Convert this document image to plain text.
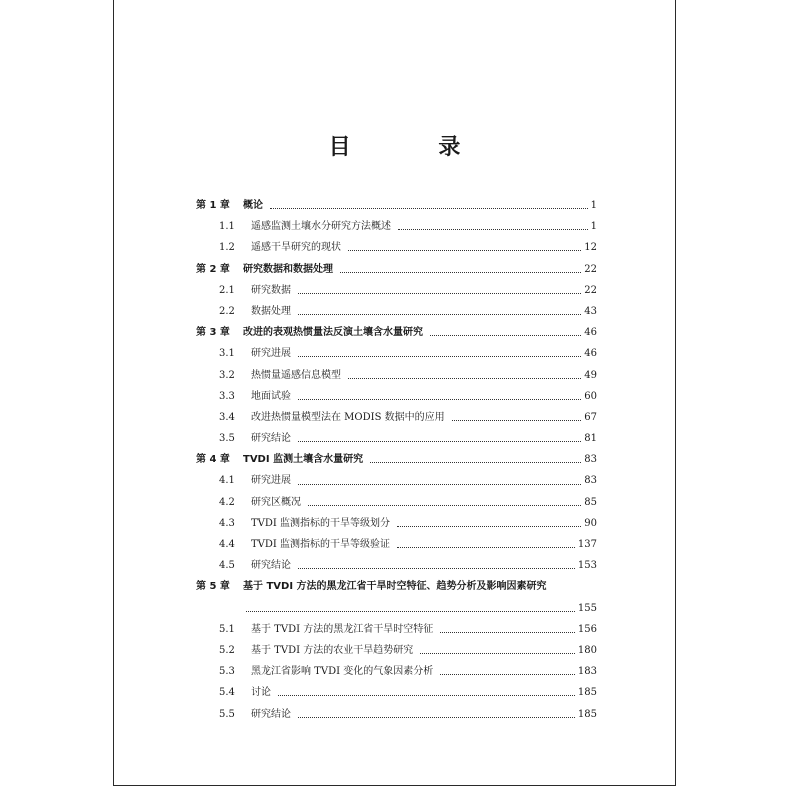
目 录
第 1 章	概论	1
1.1	遥感监测土壤水分研究方法概述	1
1.2	遥感干旱研究的现状	12
第 2 章	研究数据和数据处理	22
2.1	研究数据	22
2.2	数据处理	43
第 3 章	改进的表观热惯量法反演土壤含水量研究	46
3.1	研究进展	46
3.2	热惯量遥感信息模型	49
3.3	地面试验	60
3.4	改进热惯量模型法在 MODIS 数据中的应用	67
3.5	研究结论	81
第 4 章	TVDI 监测土壤含水量研究	83
4.1	研究进展	83
4.2	研究区概况	85
4.3	TVDI 监测指标的干旱等级划分	90
4.4	TVDI 监测指标的干旱等级验证	137
4.5	研究结论	153
第 5 章	基于 TVDI 方法的黑龙江省干旱时空特征、趋势分析及影响因素研究
155
5.1	基于 TVDI 方法的黑龙江省干旱时空特征	156
5.2	基于 TVDI 方法的农业干旱趋势研究	180
5.3	黑龙江省影响 TVDI 变化的气象因素分析	183
5.4	讨论	185
5.5	研究结论	185
